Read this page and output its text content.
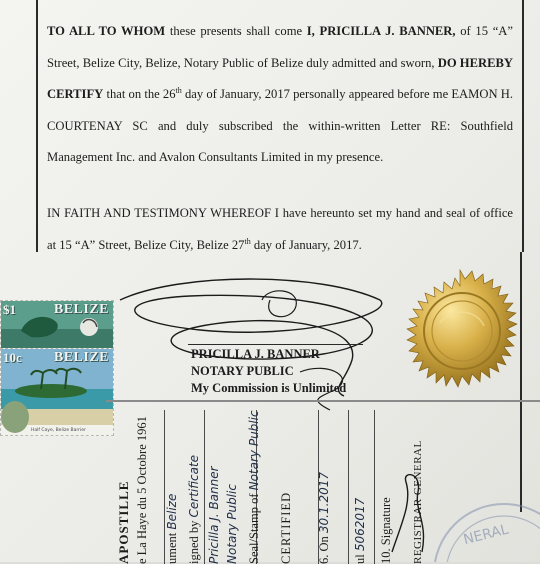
TO ALL TO WHOM these presents shall come I, PRICILLA J. BANNER, of 15 “A” Street, Belize City, Belize, Notary Public of Belize duly admitted and sworn, DO HEREBY CERTIFY that on the 26th day of January, 2017 personally appeared before me EAMON H. COURTENAY SC and duly subscribed the within-written Letter RE: Southfield Management Inc. and Avalon Consultants Limited in my presence.

IN FAITH AND TESTIMONY WHEREOF I have hereunto set my hand and seal of office at 15 “A” Street, Belize City, Belize 27th day of January, 2017.

PRICILLA J. BANNER
NOTARY PUBLIC
My Commission is Unlimited
$1	BELIZE
10c BELIZE
Half Caye, Belize Barrier
APOSTILLE e La Haye du 5 Octobre 1961 ument Belize
igned by Certificate Pricilla J. Banner Notary Public Seal/Stamp of Notary Public
CERTIFIED 6. On 30.1.2017
ul 5062017 10. Signature REGISTRAR GENERAL	NERAL
